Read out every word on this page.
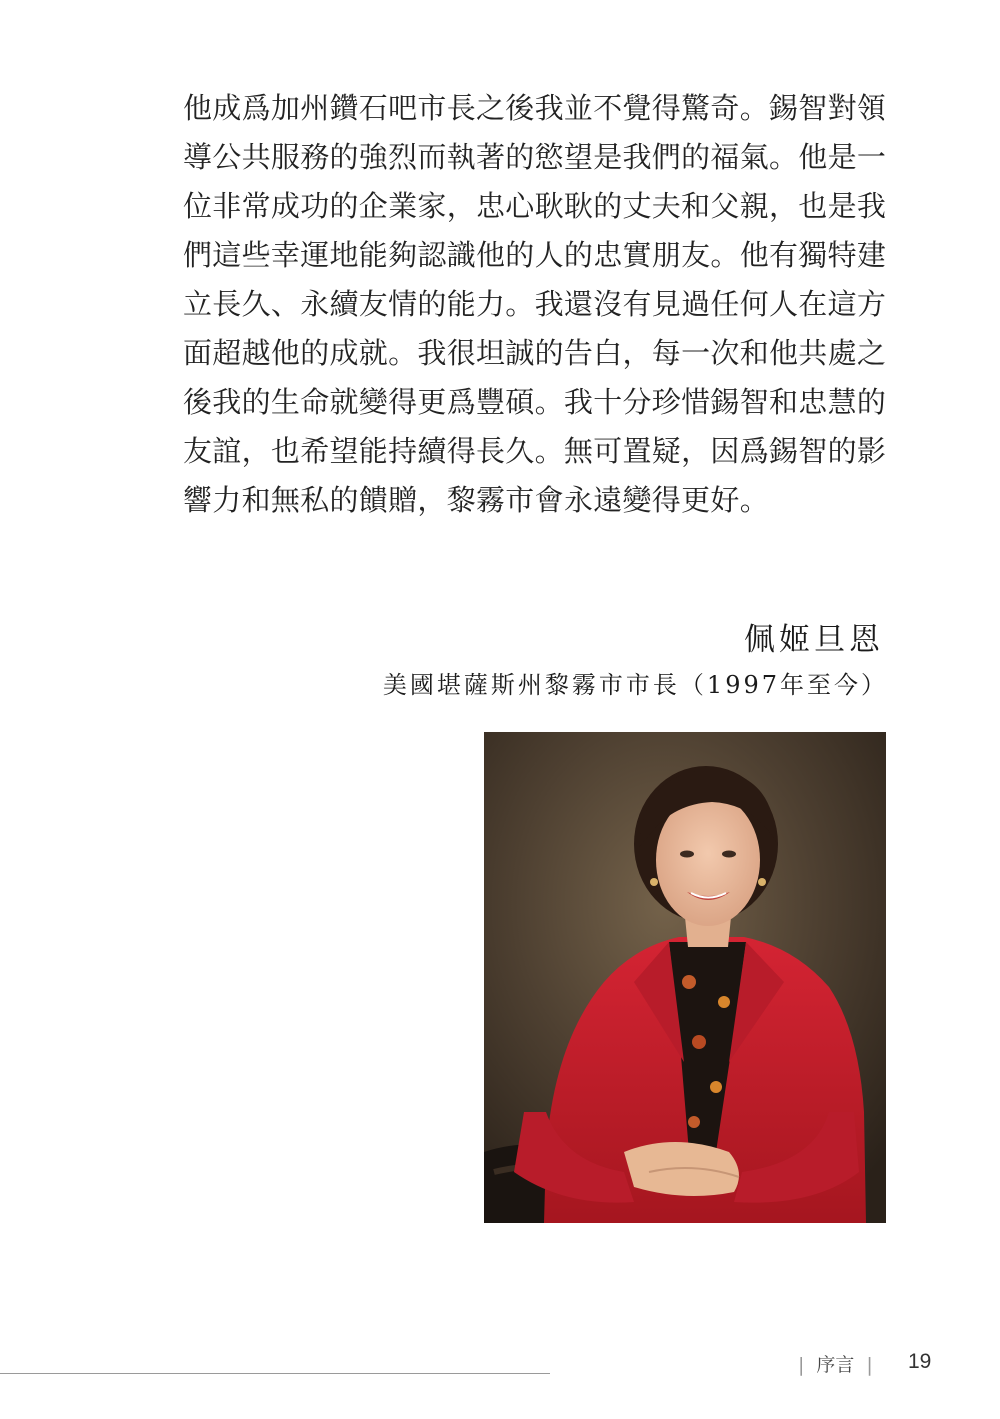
他成爲加州鑽石吧市長之後我並不覺得驚奇。錫智對領
導公共服務的強烈而執著的慾望是我們的福氣。他是一
位非常成功的企業家，忠心耿耿的丈夫和父親，也是我
們這些幸運地能夠認識他的人的忠實朋友。他有獨特建
立長久、永續友情的能力。我還沒有見過任何人在這方
面超越他的成就。我很坦誠的告白，每一次和他共處之
後我的生命就變得更爲豐碩。我十分珍惜錫智和忠慧的
友誼，也希望能持續得長久。無可置疑，因爲錫智的影
響力和無私的饋贈，黎霧市會永遠變得更好。
佩姬旦恩
美國堪薩斯州黎霧市市長（1997年至今）
| 序言 |	19
